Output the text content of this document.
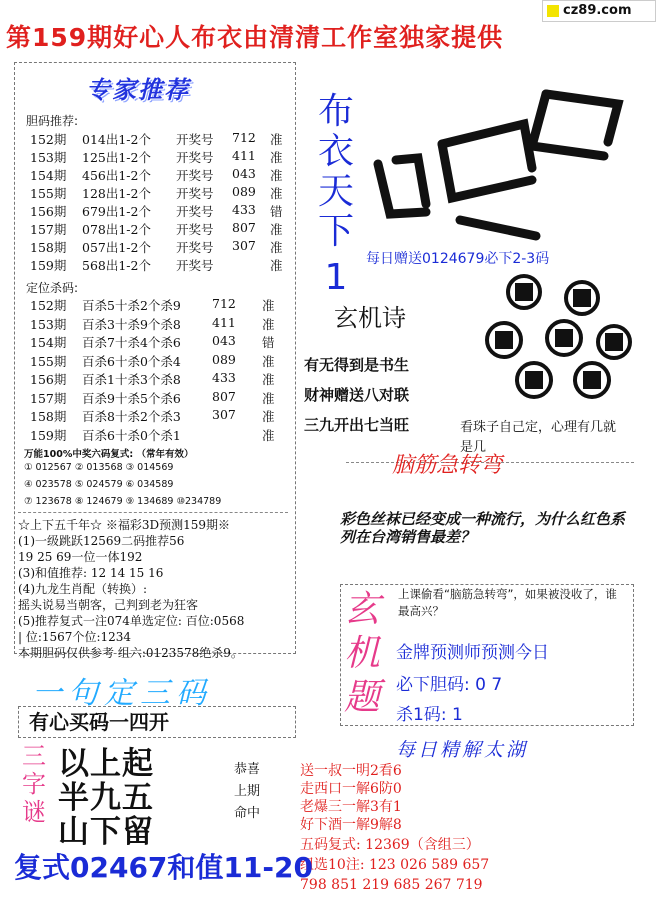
第159期好心人布衣由清清工作室独家提供
cz89.com
专家推荐
胆码推荐:
152期 014出1-2个 开奖号 712 准
153期 125出1-2个 开奖号 411 准
154期 456出1-2个 开奖号 043 准
155期 128出1-2个 开奖号 089 准
156期 679出1-2个 开奖号 433 错
157期 078出1-2个 开奖号 807 准
158期 057出1-2个 开奖号 307 准
159期 568出1-2个 开奖号	准
定位杀码:
152期 百杀5十杀2个杀9 712 准
153期 百杀3十杀9个杀8 411 准
154期 百杀7十杀4个杀6 043 错
155期 百杀6十杀0个杀4 089 准
156期 百杀1十杀3个杀8 433 准
157期 百杀9十杀5个杀6 807 准
158期 百杀8十杀2个杀3 307 准
159期 百杀6十杀0个杀1	准
万能100%中奖六码复式: （常年有效）
① 012567 ② 013568 ③ 014569
④ 023578 ⑤ 024579 ⑥ 034589
⑦ 123678 ⑧ 124679 ⑨ 134689 ⑩234789
☆上下五千年☆ ※福彩3D预测159期※
(1)一级跳跃12569二码推荐56
19 25 69一位一体192
(3)和值推荐: 12 14 15 16
(4)九龙生肖配（转换）:
摇头说易当朝客，己判到老为狂客
(5)推荐复式一注074单选定位: 百位:0568
| 位:1567个位:1234
本期胆码仅供参考 组六:0123578绝杀9。
布
衣
天
下
1	每日赠送0124679必下2-3码
玄机诗
有无得到是书生
财神赠送八对联
三九开出七当旺	看珠子自己定，心理有几就是几
脑筋急转弯
彩色丝袜已经变成一种流行，为什么红色系列在台湾销售最差？
玄
机
题
上课偷看“脑筋急转弯”，如果被没收了，谁最高兴？
金牌预测师预测今日
必下胆码: 0 7
杀1码: 1
每日精解太湖
送一叔一明2看6
走西口一解6防0
老爆三一解3有1
好下酒一解9解8
五码复式: 12369（含组三）
组选10注: 123 026 589 657
798 851 219 685 267 719
一句定三码
有心买码一四开
三
字
谜
以上起
半九五
山下留
恭喜
上期
命中
复式02467和值11-20
